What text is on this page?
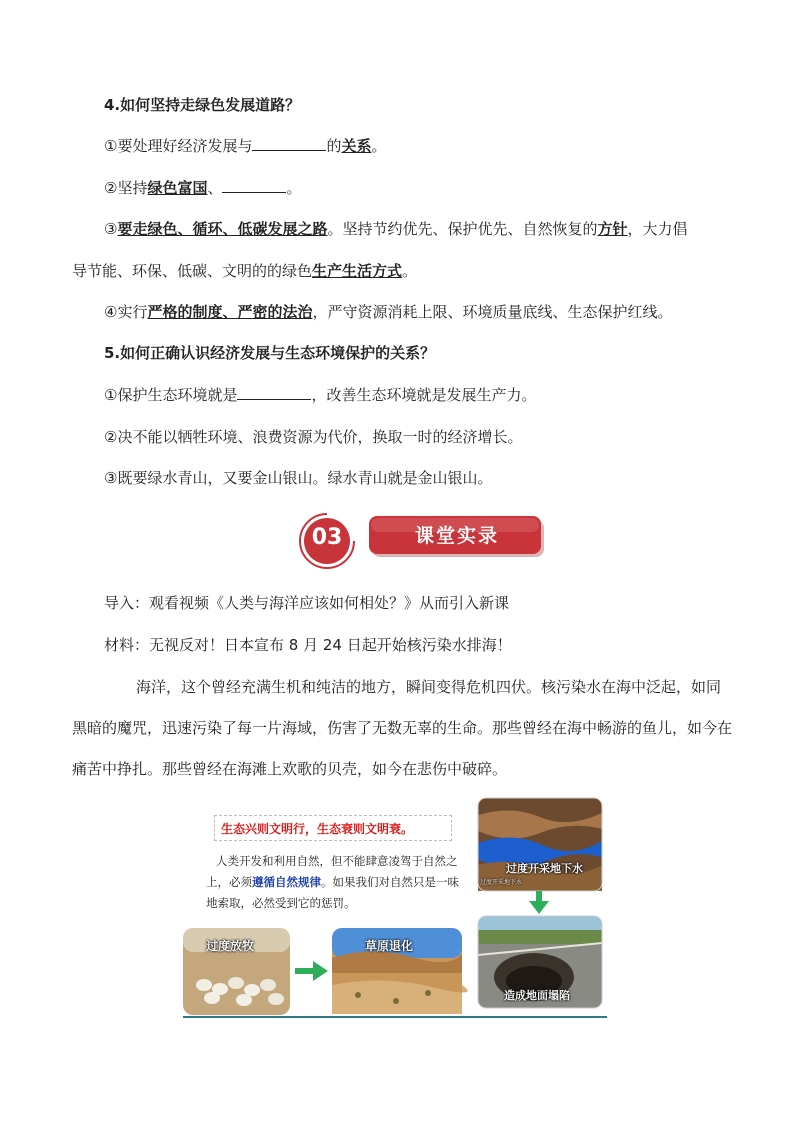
4.如何坚持走绿色发展道路？
①要处理好经济发展与	的关系。
②坚持绿色富国、	。
③要走绿色、循环、低碳发展之路。坚持节约优先、保护优先、自然恢复的方针，大力倡
导节能、环保、低碳、文明的的绿色生产生活方式。
④实行严格的制度、严密的法治，严守资源消耗上限、环境质量底线、生态保护红线。
5.如何正确认识经济发展与生态环境保护的关系？
①保护生态环境就是	，改善生态环境就是发展生产力。
②决不能以牺牲环境、浪费资源为代价，换取一时的经济增长。
③既要绿水青山，又要金山银山。绿水青山就是金山银山。
03	课堂实录
导入：观看视频《人类与海洋应该如何相处？》从而引入新课
材料：无视反对！日本宣布 8 月 24 日起开始核污染水排海！
海洋，这个曾经充满生机和纯洁的地方，瞬间变得危机四伏。核污染水在海中泛起，如同黑暗的魔咒，迅速污染了每一片海域，伤害了无数无辜的生命。那些曾经在海中畅游的鱼儿，如今在痛苦中挣扎。那些曾经在海滩上欢歌的贝壳，如今在悲伤中破碎。
生态兴则文明行，生态衰则文明衰。
人类开发和利用自然，但不能肆意凌驾于自然之上，必须遵循自然规律。如果我们对自然只是一味地索取，必然受到它的惩罚。
过度开采地下水
过度开采地下水
过度放牧	草原退化
造成地面塌陷
